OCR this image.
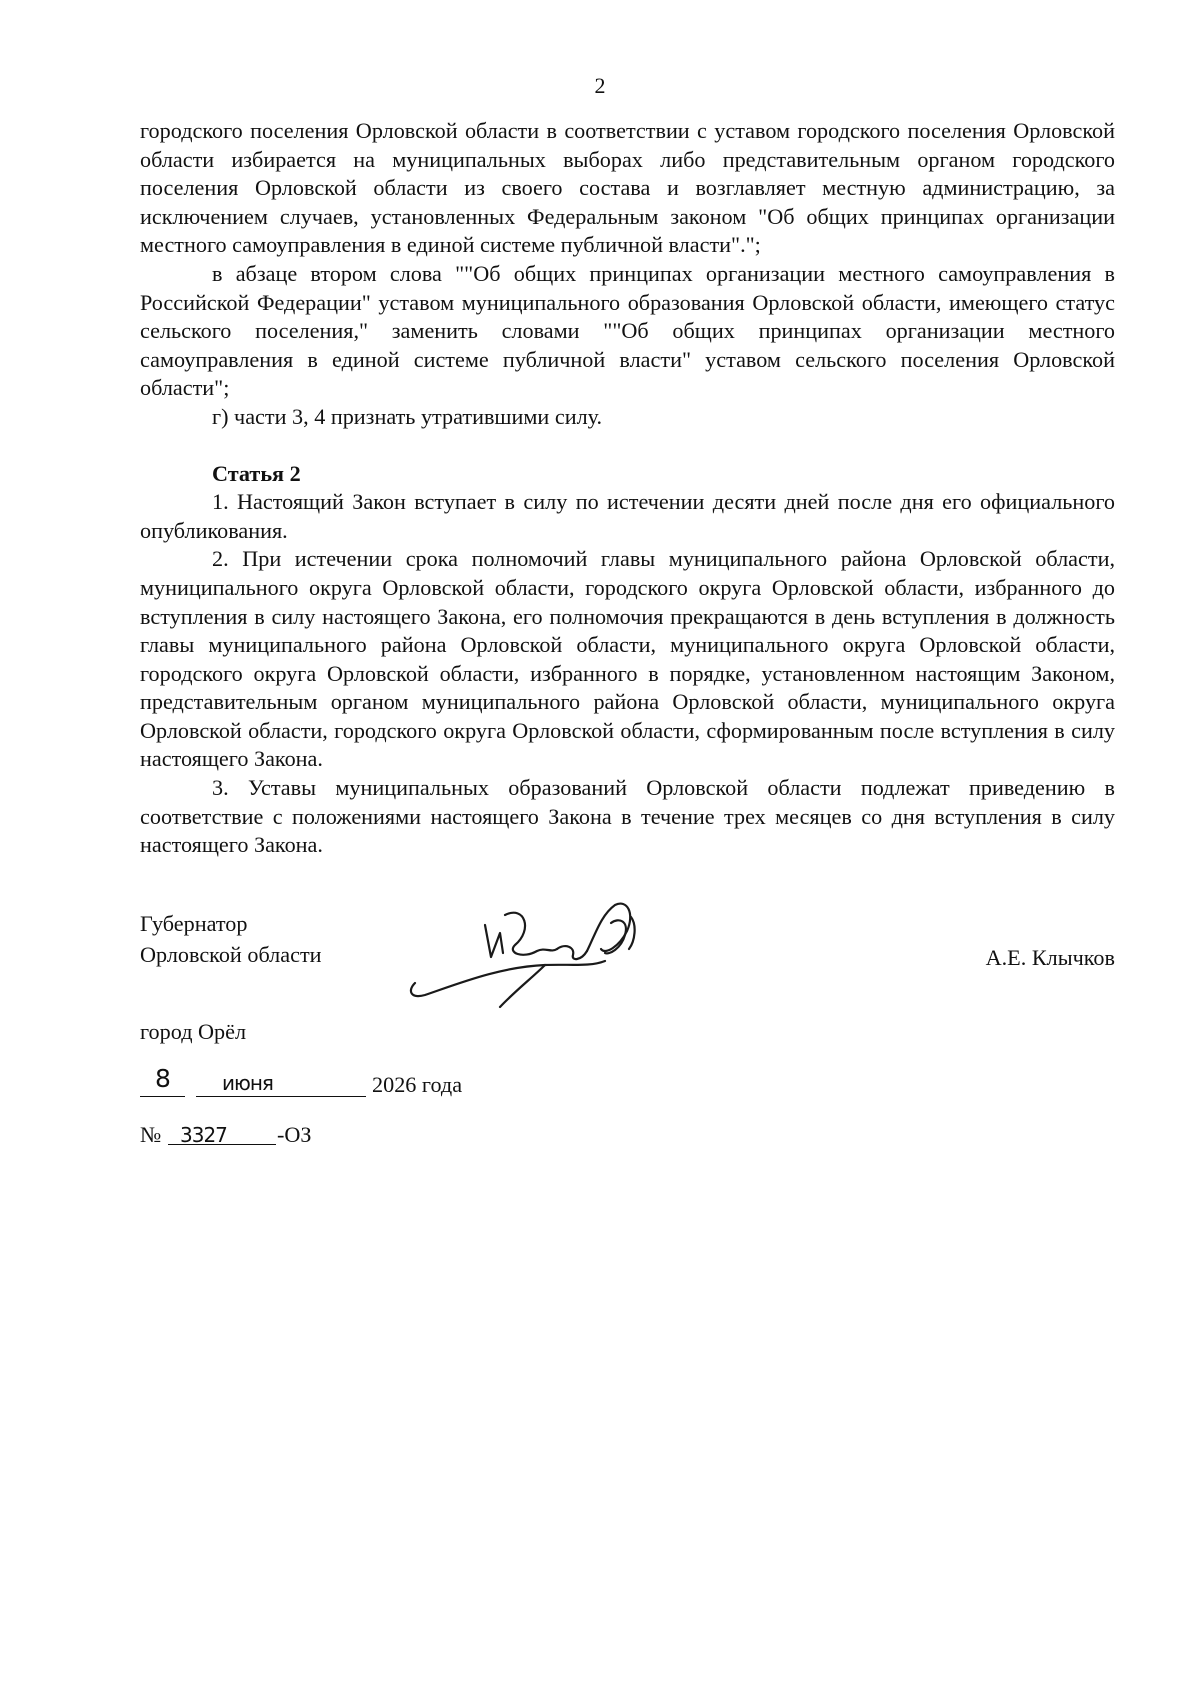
2

городского поселения Орловской области в соответствии с уставом городского поселения Орловской области избирается на муниципальных выборах либо представительным органом городского поселения Орловской области из своего состава и возглавляет местную администрацию, за исключением случаев, установленных Федеральным законом "Об общих принципах организации местного самоуправления в единой системе публичной власти".";

в абзаце втором слова ""Об общих принципах организации местного самоуправления в Российской Федерации" уставом муниципального образования Орловской области, имеющего статус сельского поселения," заменить словами ""Об общих принципах организации местного самоуправления в единой системе публичной власти" уставом сельского поселения Орловской области";

г) части 3, 4 признать утратившими силу.

Статья 2

1. Настоящий Закон вступает в силу по истечении десяти дней после дня его официального опубликования.

2. При истечении срока полномочий главы муниципального района Орловской области, муниципального округа Орловской области, городского округа Орловской области, избранного до вступления в силу настоящего Закона, его полномочия прекращаются в день вступления в должность главы муниципального района Орловской области, муниципального округа Орловской области, городского округа Орловской области, избранного в порядке, установленном настоящим Законом, представительным органом муниципального района Орловской области, муниципального округа Орловской области, городского округа Орловской области, сформированным после вступления в силу настоящего Закона.

3. Уставы муниципальных образований Орловской области подлежат приведению в соответствие с положениями настоящего Закона в течение трех месяцев со дня вступления в силу настоящего Закона.

Губернатор
Орловской области	А.Е. Клычков
город Орёл
8	июня	2026 года
№ 3327 -ОЗ
